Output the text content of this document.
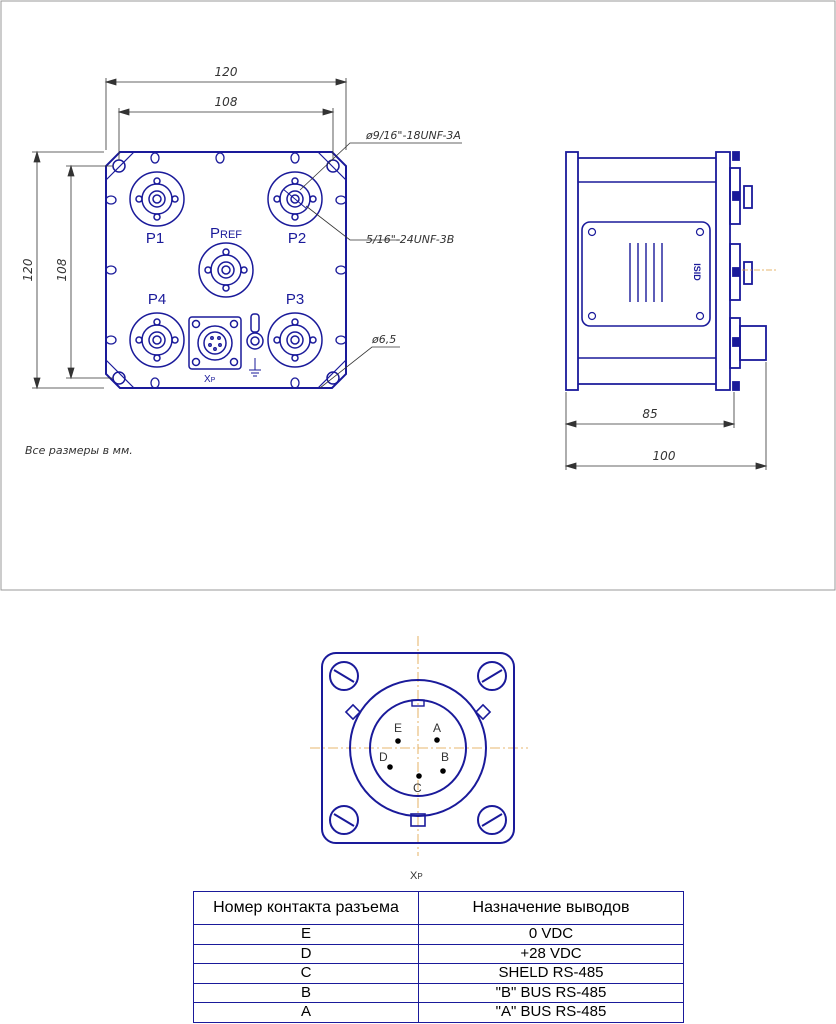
120
108
120 108
ø9/16"-18UNF-3A
5/16"-24UNF-3B
ø6,5
P1	P2
P4	P3
PREF
XP
ISID
85
100
Все размеры в мм.
E	A
D	B
C
XP
Номер контакта разъема	Назначение выводов
E	0 VDC
D	+28 VDC
C	SHELD RS-485
B	"B" BUS RS-485
A	"A" BUS RS-485
